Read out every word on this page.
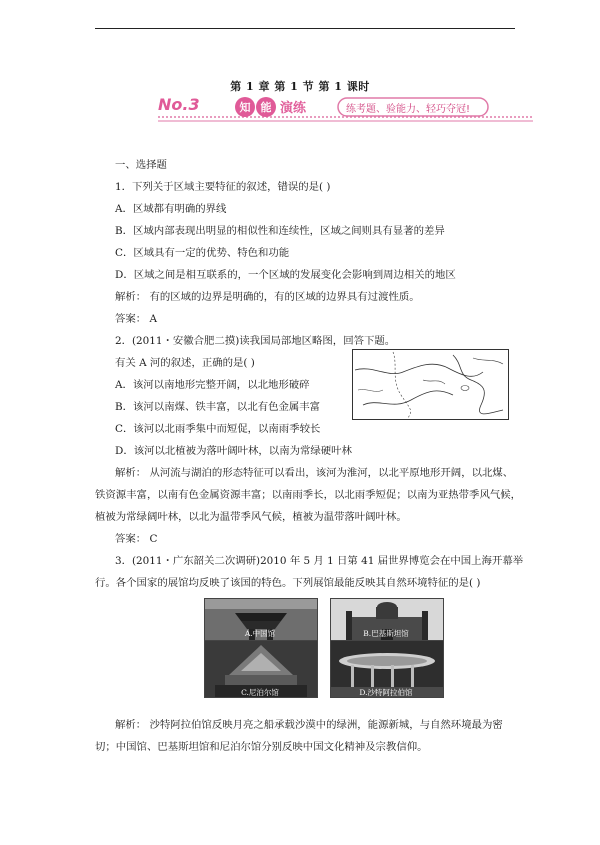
第 1 章 第 1 节 第 1 课时
No.3	知 能 演练	练考题、验能力、轻巧夺冠!
一、选择题
1．下列关于区域主要特征的叙述，错误的是( )
A．区域都有明确的界线
B．区域内部表现出明显的相似性和连续性，区域之间则具有显著的差异
C．区域具有一定的优势、特色和功能
D．区域之间是相互联系的，一个区域的发展变化会影响到周边相关的地区
解析： 有的区域的边界是明确的，有的区域的边界具有过渡性质。
答案： A
2．(2011・安徽合肥二摸)读我国局部地区略图，回答下题。
有关 A 河的叙述，正确的是( )
A．该河以南地形完整开阔，以北地形破碎
B．该河以南煤、铁丰富，以北有色金属丰富
C．该河以北雨季集中而短促，以南雨季较长
D．该河以北植被为落叶阔叶林，以南为常绿硬叶林
解析： 从河流与湖泊的形态特征可以看出，该河为淮河，以北平原地形开阔，以北煤、
铁资源丰富，以南有色金属资源丰富；以南雨季长，以北雨季短促；以南为亚热带季风气候，
植被为常绿阔叶林，以北为温带季风气候，植被为温带落叶阔叶林。
答案： C
3．(2011・广东韶关二次调研)2010 年 5 月 1 日第 41 届世界博览会在中国上海开幕举
行。各个国家的展馆均反映了该国的特色。下列展馆最能反映其自然环境特征的是( )
A.中国馆	B.巴基斯坦馆
C.尼泊尔馆	D.沙特阿拉伯馆
解析： 沙特阿拉伯馆反映月亮之船承载沙漠中的绿洲，能源新城，与自然环境最为密
切；中国馆、巴基斯坦馆和尼泊尔馆分别反映中国文化精神及宗教信仰。
